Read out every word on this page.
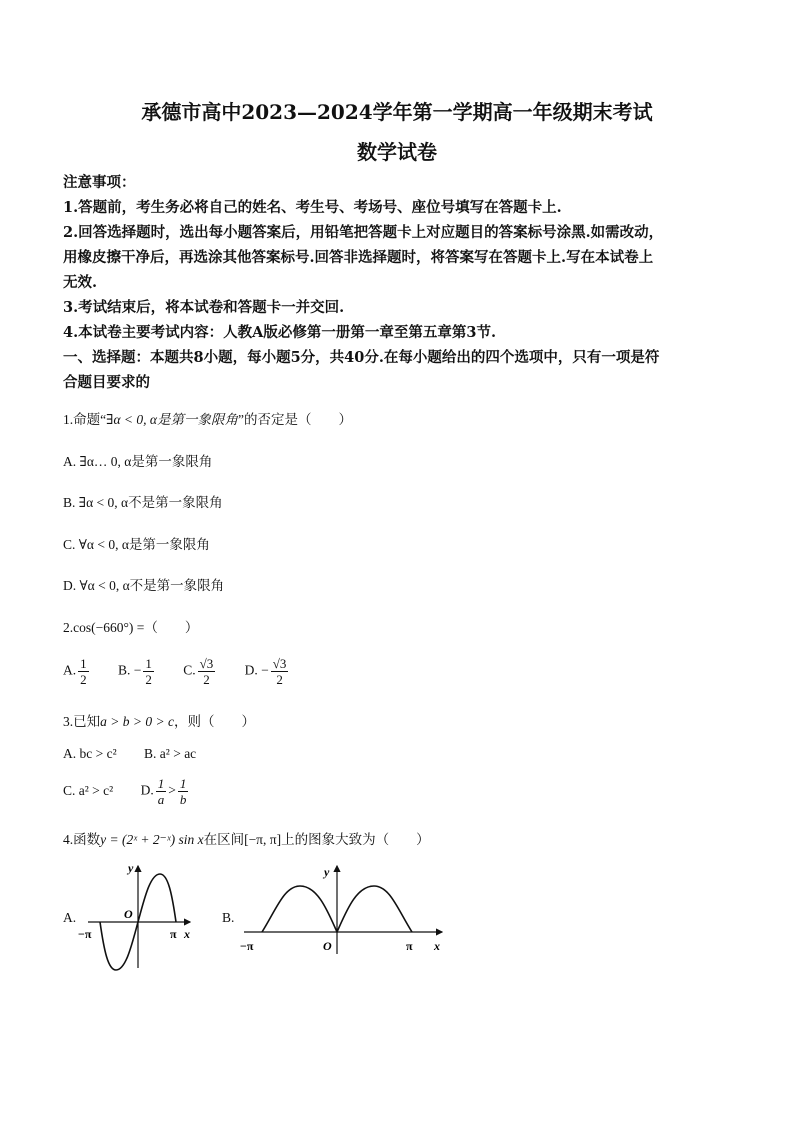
承德市高中2023—2024学年第一学期高一年级期末考试
数学试卷
注意事项：
1.答题前，考生务必将自己的姓名、考生号、考场号、座位号填写在答题卡上.
2.回答选择题时，选出每小题答案后，用铅笔把答题卡上对应题目的答案标号涂黑.如需改动，
用橡皮擦干净后，再选涂其他答案标号.回答非选择题时，将答案写在答题卡上.写在本试卷上
无效.
3.考试结束后，将本试卷和答题卡一并交回.
4.本试卷主要考试内容：人教A版必修第一册第一章至第五章第3节.
一、选择题：本题共8小题，每小题5分，共40分.在每小题给出的四个选项中，只有一项是符
合题目要求的
1.命题“∃α < 0, α是第一象限角”的否定是（　　）
A. ∃α… 0, α是第一象限角
B. ∃α < 0, α不是第一象限角
C. ∀α < 0, α是第一象限角
D. ∀α < 0, α不是第一象限角
2.cos(−660°) =（　　）
A. $\frac{1}{2} B$. − $\frac{1}{2} C$. $\frac{√3}{2} D$. − $\frac{√3}{2}$
3.已知a > b > 0 > c，则（　　）
A. bc > c² B. a² > ac
C. a² > c² D. $\frac{1}{a} > \frac{1}{b}$
4.函数y = (2ˣ + 2⁻ˣ) sin x在区间[−π, π]上的图象大致为（　　）
A.
y
x
O
−π	π
B.
y
x
O
−π	π
